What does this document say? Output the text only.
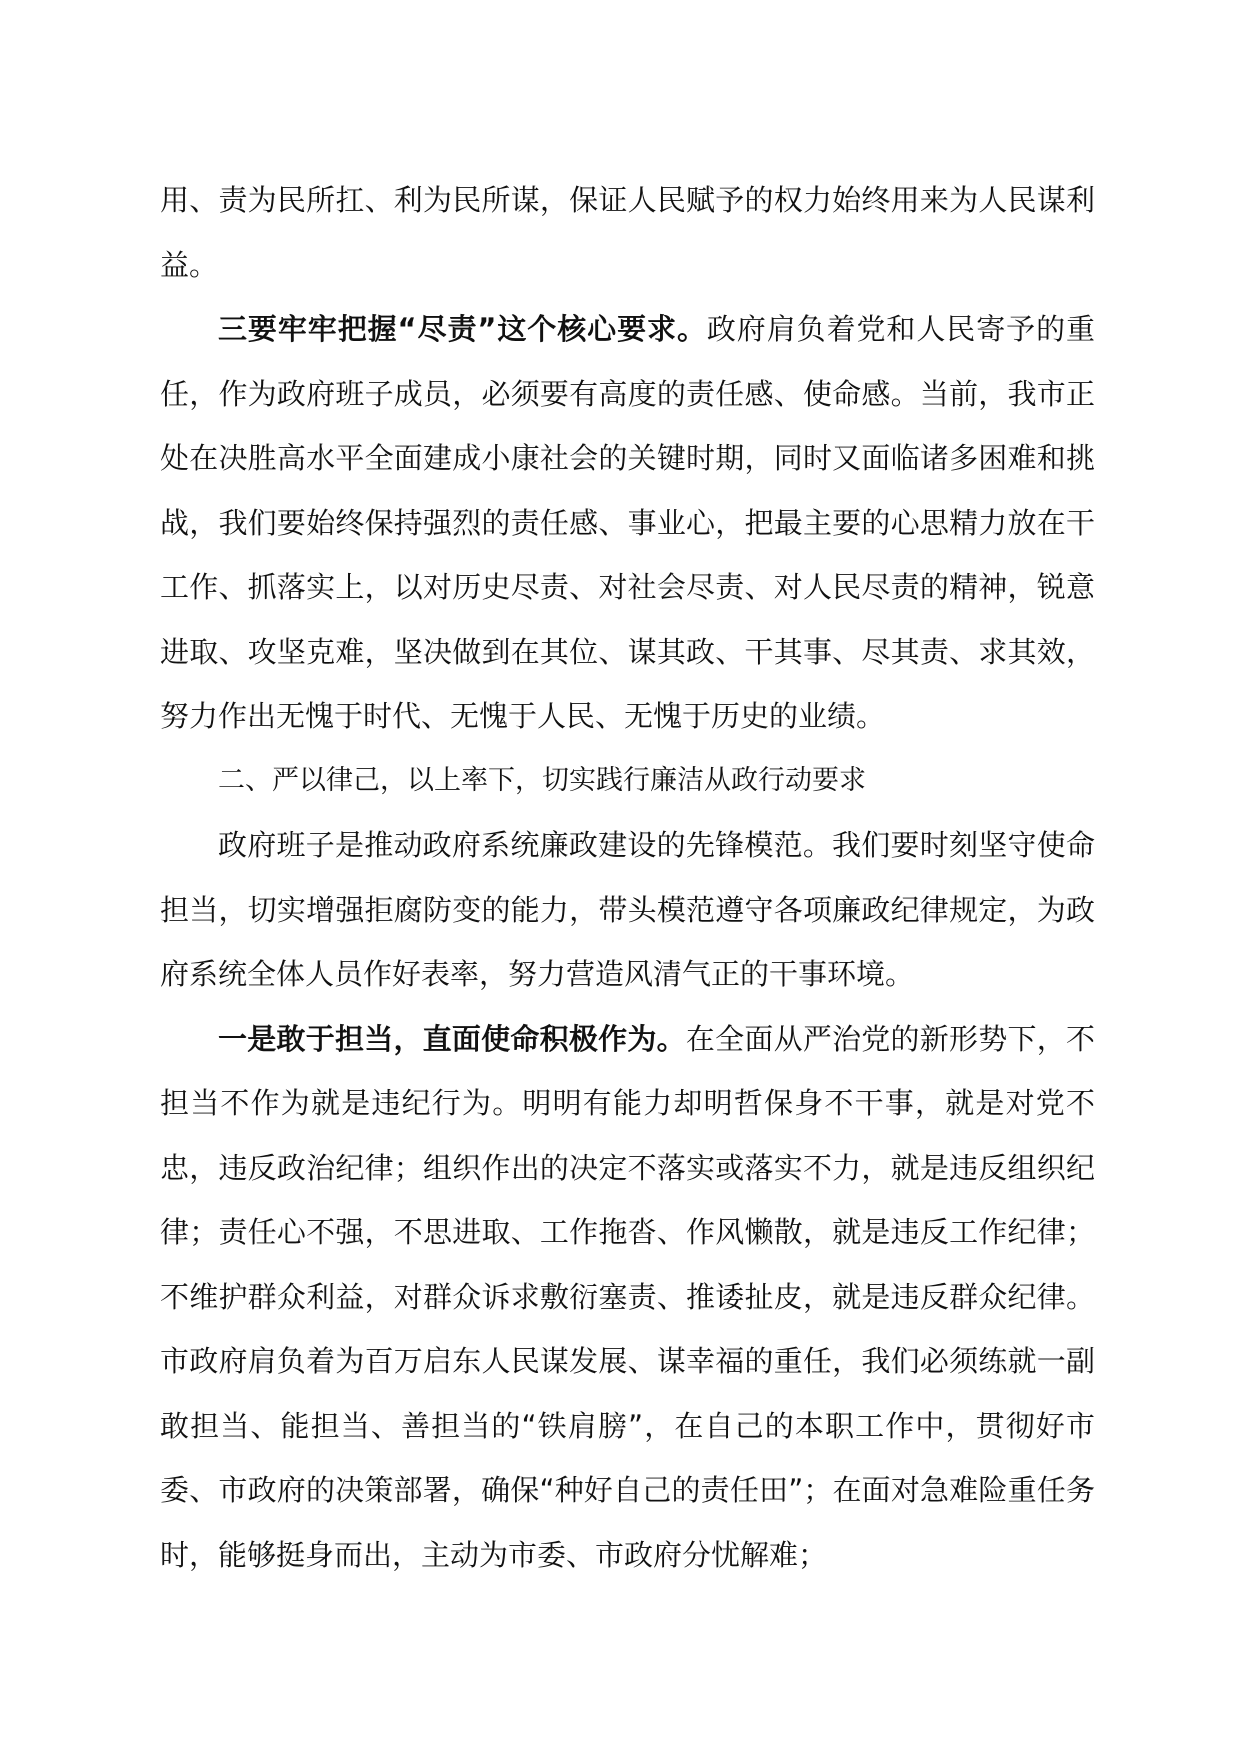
用、责为民所扛、利为民所谋，保证人民赋予的权力始终用来为人民谋利益。

三要牢牢把握“尽责”这个核心要求。政府肩负着党和人民寄予的重任，作为政府班子成员，必须要有高度的责任感、使命感。当前，我市正处在决胜高水平全面建成小康社会的关键时期，同时又面临诸多困难和挑战，我们要始终保持强烈的责任感、事业心，把最主要的心思精力放在干工作、抓落实上，以对历史尽责、对社会尽责、对人民尽责的精神，锐意进取、攻坚克难，坚决做到在其位、谋其政、干其事、尽其责、求其效，努力作出无愧于时代、无愧于人民、无愧于历史的业绩。

二、严以律己，以上率下，切实践行廉洁从政行动要求

政府班子是推动政府系统廉政建设的先锋模范。我们要时刻坚守使命担当，切实增强拒腐防变的能力，带头模范遵守各项廉政纪律规定，为政府系统全体人员作好表率，努力营造风清气正的干事环境。

一是敢于担当，直面使命积极作为。在全面从严治党的新形势下，不担当不作为就是违纪行为。明明有能力却明哲保身不干事，就是对党不忠，违反政治纪律；组织作出的决定不落实或落实不力，就是违反组织纪律；责任心不强，不思进取、工作拖沓、作风懒散，就是违反工作纪律；不维护群众利益，对群众诉求敷衍塞责、推诿扯皮，就是违反群众纪律。市政府肩负着为百万启东人民谋发展、谋幸福的重任，我们必须练就一副敢担当、能担当、善担当的“铁肩膀”，在自己的本职工作中，贯彻好市委、市政府的决策部署，确保“种好自己的责任田”；在面对急难险重任务时，能够挺身而出，主动为市委、市政府分忧解难；
